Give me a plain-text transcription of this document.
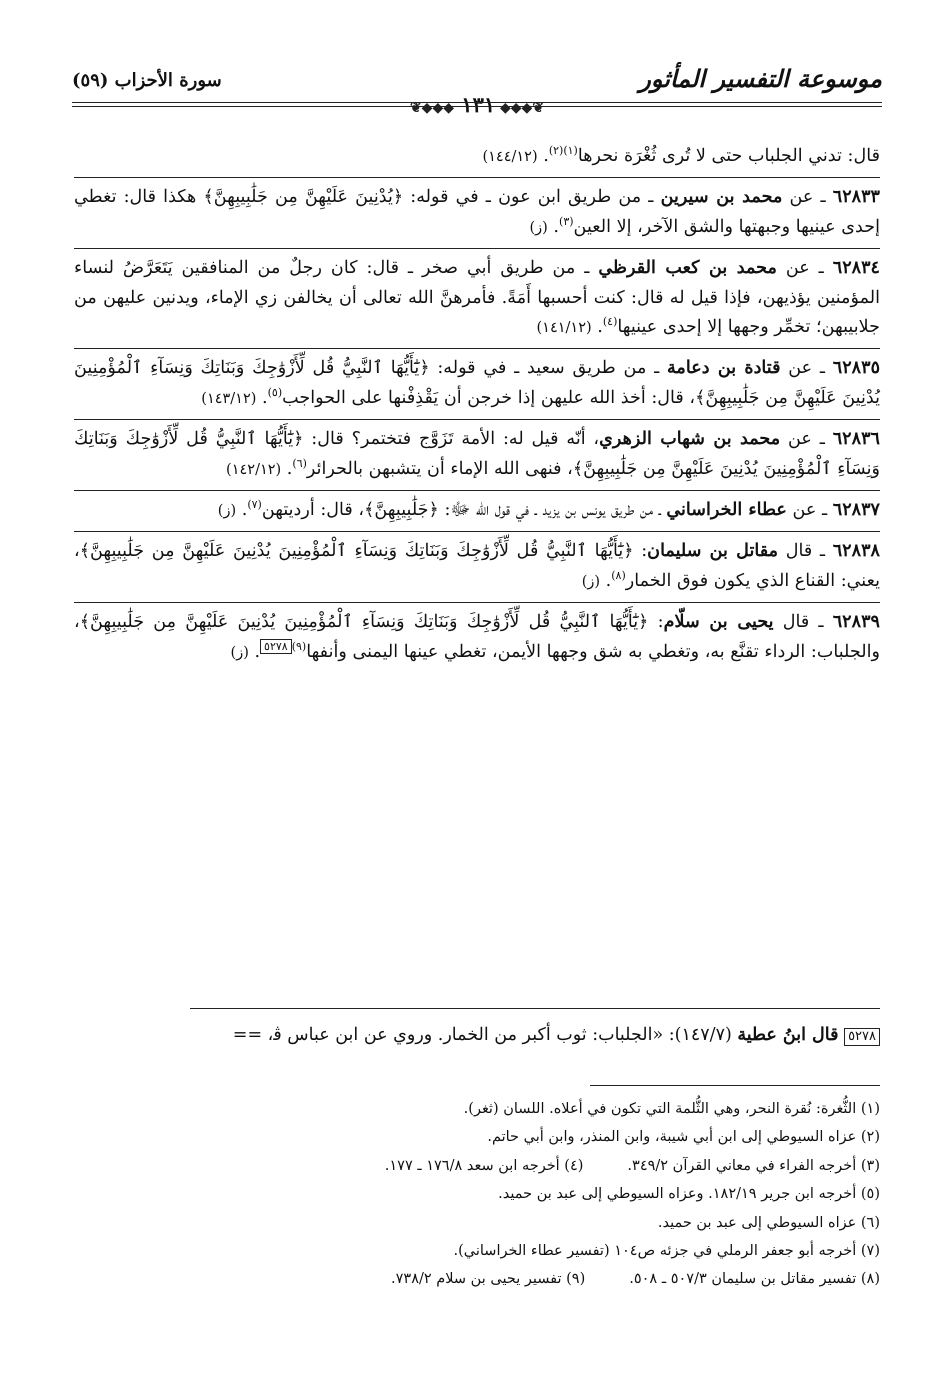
موسوعة التفسير المأثور
سورة الأحزاب (٥٩)
❦◆◆◆ ١٣١ ◆◆◆❦

قال: تدني الجلباب حتى لا تُرى ثُغْرَة نحرها$^{(١)(٢)}$. (١٤٤/١٢)

٦٢٨٣٣ ـ عن محمد بن سيرين ـ من طريق ابن عون ـ في قوله: ﴿يُدْنِينَ عَلَيْهِنَّ مِن جَلَٰبِيبِهِنَّ﴾ هكذا قال: تغطي إحدى عينيها وجبهتها والشق الآخر، إلا العين$^{(٣)}$. (ز)

٦٢٨٣٤ ـ عن محمد بن كعب القرظي ـ من طريق أبي صخر ـ قال: كان رجلٌ من المنافقين يَتَعَرَّضُ لنساء المؤمنين يؤذيهن، فإذا قيل له قال: كنت أحسبها أَمَةً. فأمرهنَّ الله تعالى أن يخالفن زي الإماء، ويدنين عليهن من جلابيبهن؛ تخمِّر وجهها إلا إحدى عينيها$^{(٤)}$. (١٤١/١٢)

٦٢٨٣٥ ـ عن قتادة بن دعامة ـ من طريق سعيد ـ في قوله: ﴿يَٰٓأَيُّهَا ٱلنَّبِيُّ قُل لِّأَزْوَٰجِكَ وَبَنَاتِكَ وَنِسَآءِ ٱلْمُؤْمِنِينَ يُدْنِينَ عَلَيْهِنَّ مِن جَلَٰبِيبِهِنَّ﴾، قال: أخذ الله عليهن إذا خرجن أن يَقْذِفْنها على الحواجب$^{(٥)}$. (١٤٣/١٢)

٦٢٨٣٦ ـ عن محمد بن شهاب الزهري، أنّه قيل له: الأمة تَزَوَّج فتختمر؟ قال: ﴿يَٰٓأَيُّهَا ٱلنَّبِيُّ قُل لِّأَزْوَٰجِكَ وَبَنَاتِكَ وَنِسَآءِ ٱلْمُؤْمِنِينَ يُدْنِينَ عَلَيْهِنَّ مِن جَلَٰبِيبِهِنَّ﴾، فنهى الله الإماء أن يتشبهن بالحرائر$^{(٦)}$. (١٤٢/١٢)

٦٢٨٣٧ ـ عن عطاء الخراساني ـ من طريق يونس بن يزيد ـ في قول الله ﷻ: ﴿جَلَٰبِيبِهِنَّ﴾، قال: أرديتهن$^{(٧)}$. (ز)

٦٢٨٣٨ ـ قال مقاتل بن سليمان: ﴿يَٰٓأَيُّهَا ٱلنَّبِيُّ قُل لِّأَزْوَٰجِكَ وَبَنَاتِكَ وَنِسَآءِ ٱلْمُؤْمِنِينَ يُدْنِينَ عَلَيْهِنَّ مِن جَلَٰبِيبِهِنَّ﴾، يعني: القناع الذي يكون فوق الخمار$^{(٨)}$. (ز)

٦٢٨٣٩ ـ قال يحيى بن سلّام: ﴿يَٰٓأَيُّهَا ٱلنَّبِيُّ قُل لِّأَزْوَٰجِكَ وَبَنَاتِكَ وَنِسَآءِ ٱلْمُؤْمِنِينَ يُدْنِينَ عَلَيْهِنَّ مِن جَلَٰبِيبِهِنَّ﴾، والجلباب: الرداء تقنَّع به، وتغطي به شق وجهها الأيمن، تغطي عينها اليمنى وأنفها$^{(٩)}$٥٢٧٨. (ز)

٥٢٧٨ قال ابنُ عطية (١٤٧/٧): «الجلباب: ثوب أكبر من الخمار. وروي عن ابن عباس ﭬ، ==
(١) الثُّغرة: نُقرة النحر، وهي الثُّلمة التي تكون في أعلاه. اللسان (ثغر).
(٢) عزاه السيوطي إلى ابن أبي شيبة، وابن المنذر، وابن أبي حاتم.
(٣) أخرجه الفراء في معاني القرآن ٣٤٩/٢.(٤) أخرجه ابن سعد ١٧٦/٨ ـ ١٧٧.
(٥) أخرجه ابن جرير ١٨٢/١٩. وعزاه السيوطي إلى عبد بن حميد.
(٦) عزاه السيوطي إلى عبد بن حميد.
(٧) أخرجه أبو جعفر الرملي في جزئه ص١٠٤ (تفسير عطاء الخراساني).
(٨) تفسير مقاتل بن سليمان ٥٠٧/٣ ـ ٥٠٨.(٩) تفسير يحيى بن سلام ٧٣٨/٢.
